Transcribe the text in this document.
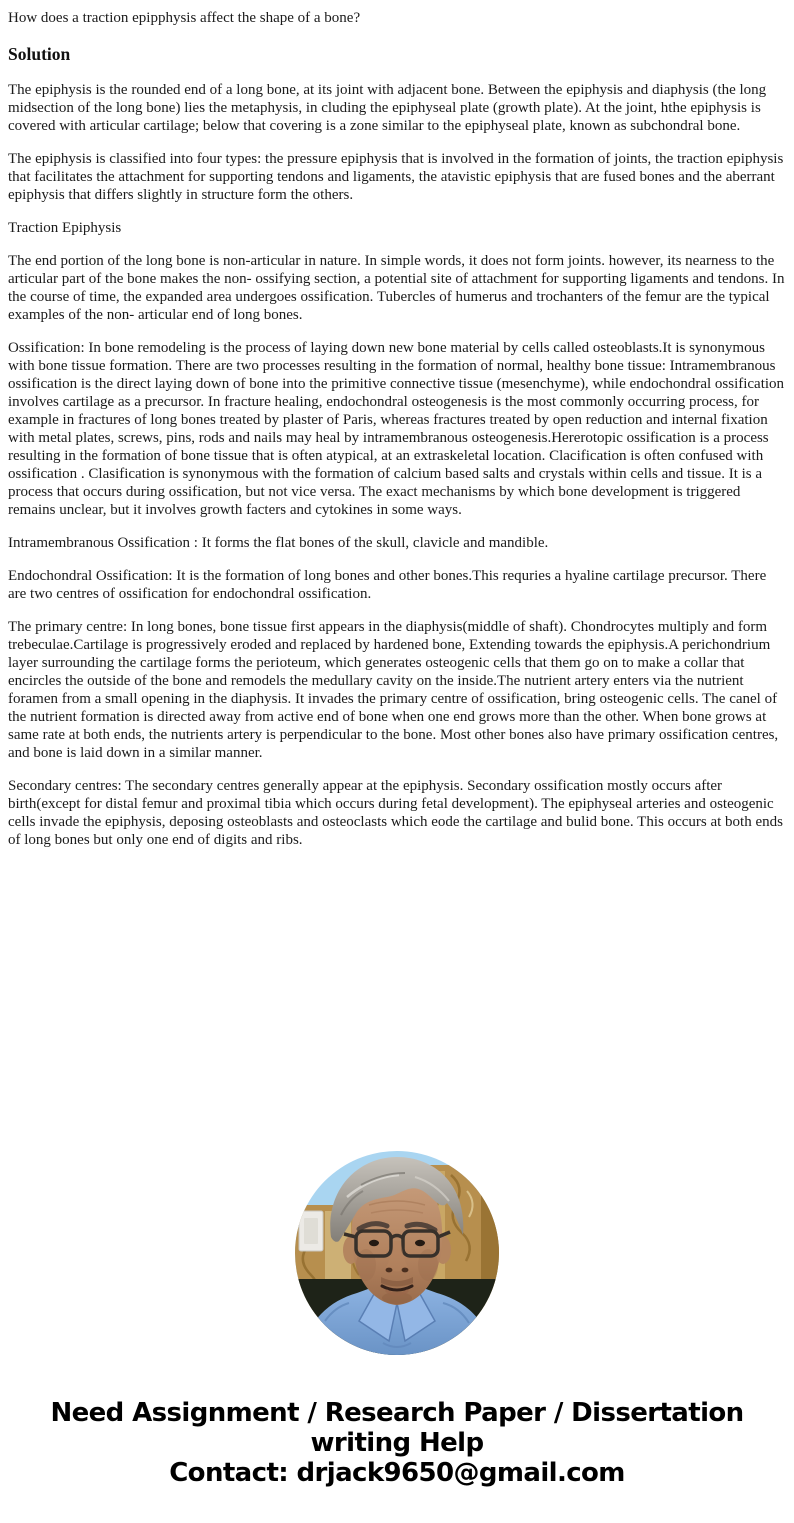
How does a traction epipphysis affect the shape of a bone?

Solution

The epiphysis is the rounded end of a long bone, at its joint with adjacent bone. Between the epiphysis and diaphysis (the long midsection of the long bone) lies the metaphysis, in cluding the epiphyseal plate (growth plate). At the joint, hthe epiphysis is covered with articular cartilage; below that covering is a zone similar to the epiphyseal plate, known as subchondral bone.

The epiphysis is classified into four types: the pressure epiphysis that is involved in the formation of joints, the traction epiphysis that facilitates the attachment for supporting tendons and ligaments, the atavistic epiphysis that are fused bones and the aberrant epiphysis that differs slightly in structure form the others.

Traction Epiphysis

The end portion of the long bone is non-articular in nature. In simple words, it does not form joints. however, its nearness to the articular part of the bone makes the non- ossifying section, a potential site of attachment for supporting ligaments and tendons. In the course of time, the expanded area undergoes ossification. Tubercles of humerus and trochanters of the femur are the typical examples of the non- articular end of long bones.

Ossification: In bone remodeling is the process of laying down new bone material by cells called osteoblasts.It is synonymous with bone tissue formation. There are two processes resulting in the formation of normal, healthy bone tissue: Intramembranous ossification is the direct laying down of bone into the primitive connective tissue (mesenchyme), while endochondral ossification involves cartilage as a precursor. In fracture healing, endochondral osteogenesis is the most commonly occurring process, for example in fractures of long bones treated by plaster of Paris, whereas fractures treated by open reduction and internal fixation with metal plates, screws, pins, rods and nails may heal by intramembranous osteogenesis.Hererotopic ossification is a process resulting in the formation of bone tissue that is often atypical, at an extraskeletal location. Clacification is often confused with ossification . Clasification is synonymous with the formation of calcium based salts and crystals within cells and tissue. It is a process that occurs during ossification, but not vice versa. The exact mechanisms by which bone development is triggered remains unclear, but it involves growth facters and cytokines in some ways.

Intramembranous Ossification : It forms the flat bones of the skull, clavicle and mandible.

Endochondral Ossification: It is the formation of long bones and other bones.This requries a hyaline cartilage precursor. There are two centres of ossification for endochondral ossification.

The primary centre: In long bones, bone tissue first appears in the diaphysis(middle of shaft). Chondrocytes multiply and form trebeculae.Cartilage is progressively eroded and replaced by hardened bone, Extending towards the epiphysis.A perichondrium layer surrounding the cartilage forms the perioteum, which generates osteogenic cells that them go on to make a collar that encircles the outside of the bone and remodels the medullary cavity on the inside.The nutrient artery enters via the nutrient foramen from a small opening in the diaphysis. It invades the primary centre of ossification, bring osteogenic cells. The canel of the nutrient formation is directed away from active end of bone when one end grows more than the other. When bone grows at same rate at both ends, the nutrients artery is perpendicular to the bone. Most other bones also have primary ossification centres, and bone is laid down in a similar manner.

Secondary centres: The secondary centres generally appear at the epiphysis. Secondary ossification mostly occurs after birth(except for distal femur and proximal tibia which occurs during fetal development). The epiphyseal arteries and osteogenic cells invade the epiphysis, deposing osteoblasts and osteoclasts which eode the cartilage and bulid bone. This occurs at both ends of long bones but only one end of digits and ribs.

Need Assignment / Research Paper / Dissertation writing Help
Contact: drjack9650@gmail.com
